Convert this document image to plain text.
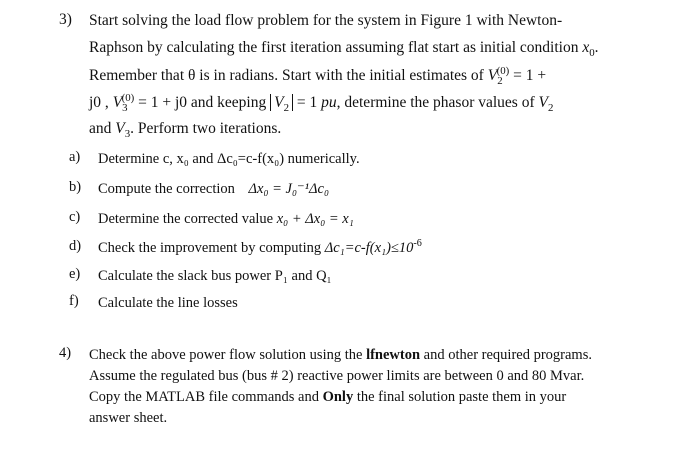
3) Start solving the load flow problem for the system in Figure 1 with Newton-
Raphson by calculating the first iteration assuming flat start as initial condition $x_0$.
Remember that θ is in radians. Start with the initial estimates of $V_2^{(0)} = 1$ +
j0 , $V_3^{(0)} = 1 + j0$ and keeping $V_2 = 1$ pu, determine the phasor values of $V_2$
and $V_3$. Perform two iterations.
a) Determine c, x₀ and Δc₀=c-f(x₀) numerically.
b) Compute the correction Δx₀ = J₀⁻¹Δc₀
c) Determine the corrected value x₀ + Δx₀ = x₁
d) Check the improvement by computing $\Delta c_1=c-f(x_1)\le 10^{-6}$
e) Calculate the slack bus power P₁ and Q₁
f) Calculate the line losses
4) Check the above power flow solution using the lfnewton and other required programs.
Assume the regulated bus (bus # 2) reactive power limits are between 0 and 80 Mvar.
Copy the MATLAB file commands and Only the final solution paste them in your
answer sheet.
